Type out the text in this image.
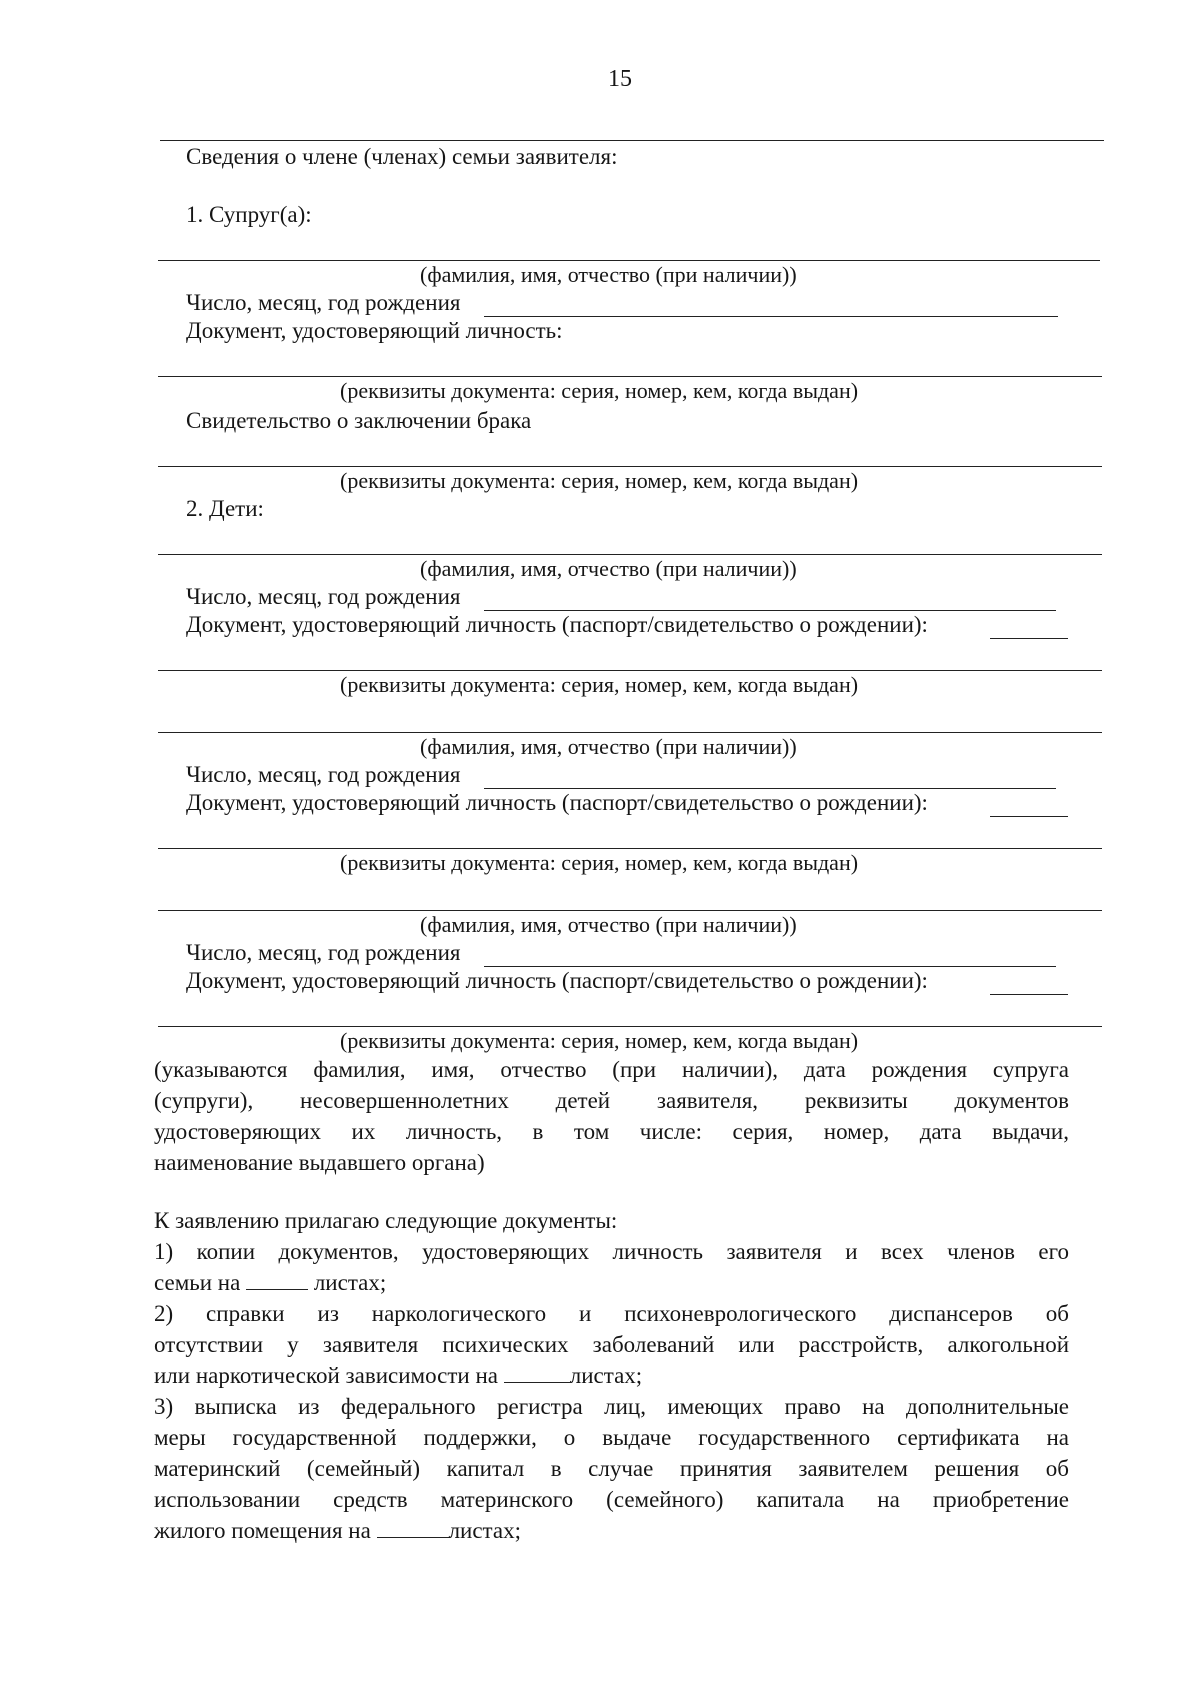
15
Сведения о члене (членах) семьи заявителя:
1. Супруг(а):
(фамилия, имя, отчество (при наличии))
Число, месяц, год рождения
Документ, удостоверяющий личность:
(реквизиты документа: серия, номер, кем, когда выдан)
Свидетельство о заключении брака
(реквизиты документа: серия, номер, кем, когда выдан)
2. Дети:
(фамилия, имя, отчество (при наличии))
Число, месяц, год рождения
Документ, удостоверяющий личность (паспорт/свидетельство о рождении):
(реквизиты документа: серия, номер, кем, когда выдан)
(фамилия, имя, отчество (при наличии))
Число, месяц, год рождения
Документ, удостоверяющий личность (паспорт/свидетельство о рождении):
(реквизиты документа: серия, номер, кем, когда выдан)
(фамилия, имя, отчество (при наличии))
Число, месяц, год рождения
Документ, удостоверяющий личность (паспорт/свидетельство о рождении):
(реквизиты документа: серия, номер, кем, когда выдан)
(указываются фамилия, имя, отчество (при наличии), дата рождения супруга
(супруги), несовершеннолетних детей заявителя, реквизиты документов
удостоверяющих их личность, в том числе: серия, номер, дата выдачи,
наименование выдавшего органа)
К заявлению прилагаю следующие документы:
1) копии документов, удостоверяющих личность заявителя и всех членов его
семьи на	листах;
2) справки из наркологического и психоневрологического диспансеров об
отсутствии у заявителя психических заболеваний или расстройств, алкогольной
или наркотической зависимости на	листах;
3) выписка из федерального регистра лиц, имеющих право на дополнительные
меры государственной поддержки, о выдаче государственного сертификата на
материнский (семейный) капитал в случае принятия заявителем решения об
использовании средств материнского (семейного) капитала на приобретение
жилого помещения на	листах;
